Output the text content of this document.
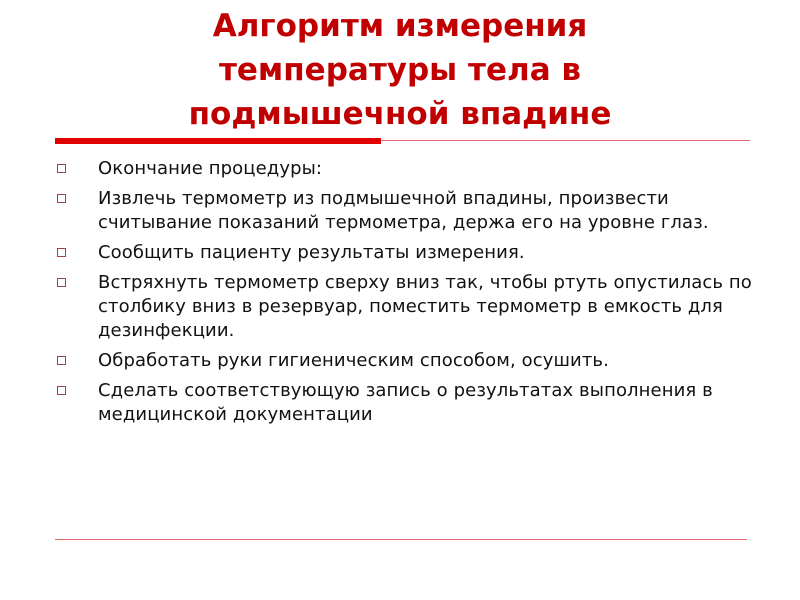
Алгоритм измерения
температуры тела в
подмышечной впадине
Окончание процедуры:
Извлечь термометр из подмышечной впадины, произвести считывание показаний термометра, держа его на уровне глаз.
Сообщить пациенту результаты измерения.
Встряхнуть термометр сверху вниз так, чтобы ртуть опустилась по столбику вниз в резервуар, поместить термометр в емкость для дезинфекции.
Обработать руки гигиеническим способом, осушить.
Сделать соответствующую запись о результатах выполнения в медицинской документации
